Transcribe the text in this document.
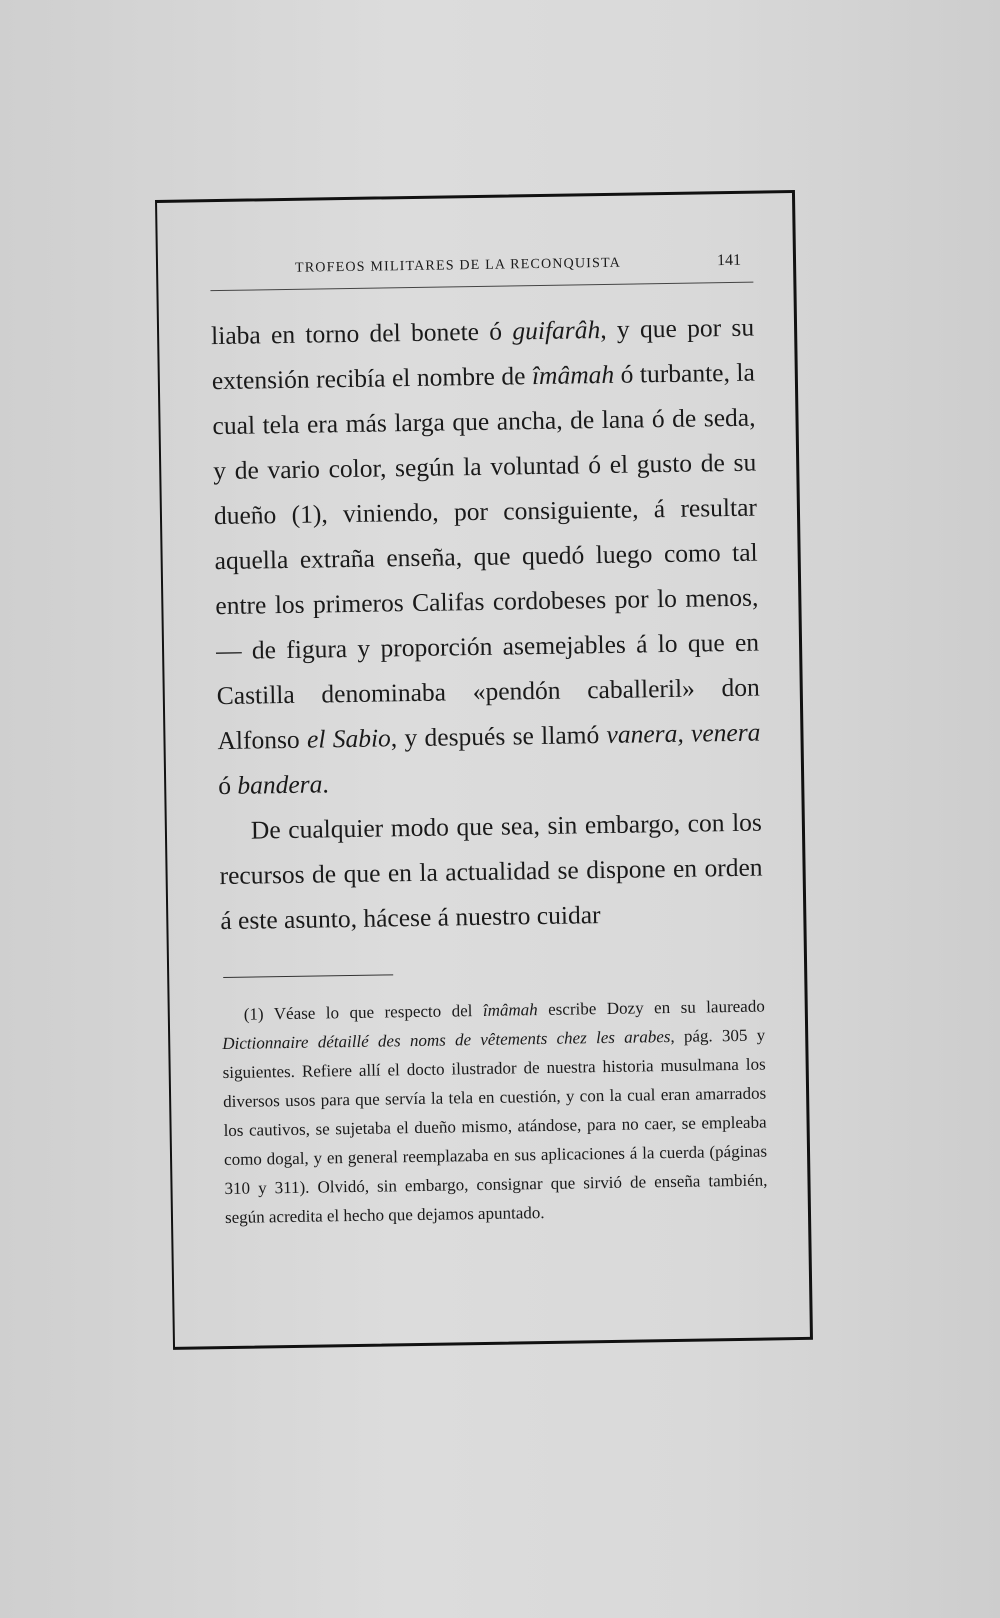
TROFEOS MILITARES DE LA RECONQUISTA	141

liaba en torno del bonete ó guifarâh, y que por su extensión recibía el nombre de îmâmah ó turbante, la cual tela era más larga que ancha, de lana ó de seda, y de vario color, según la voluntad ó el gusto de su dueño (1), viniendo, por consiguiente, á resultar aquella extraña enseña, que quedó luego como tal entre los primeros Califas cordobeses por lo menos, — de figura y proporción asemejables á lo que en Castilla denominaba «pendón caballeril» don Alfonso el Sabio, y después se llamó vanera, venera ó bandera.

De cualquier modo que sea, sin embargo, con los recursos de que en la actualidad se dispone en orden á este asunto, hácese á nuestro cuidar

(1) Véase lo que respecto del îmâmah escribe Dozy en su laureado Dictionnaire détaillé des noms de vêtements chez les arabes, pág. 305 y siguientes. Refiere allí el docto ilustrador de nuestra historia musulmana los diversos usos para que servía la tela en cuestión, y con la cual eran amarrados los cautivos, se sujetaba el dueño mismo, atándose, para no caer, se empleaba como dogal, y en general reemplazaba en sus aplicaciones á la cuerda (páginas 310 y 311). Olvidó, sin embargo, consignar que sirvió de enseña también, según acredita el hecho que dejamos apuntado.
